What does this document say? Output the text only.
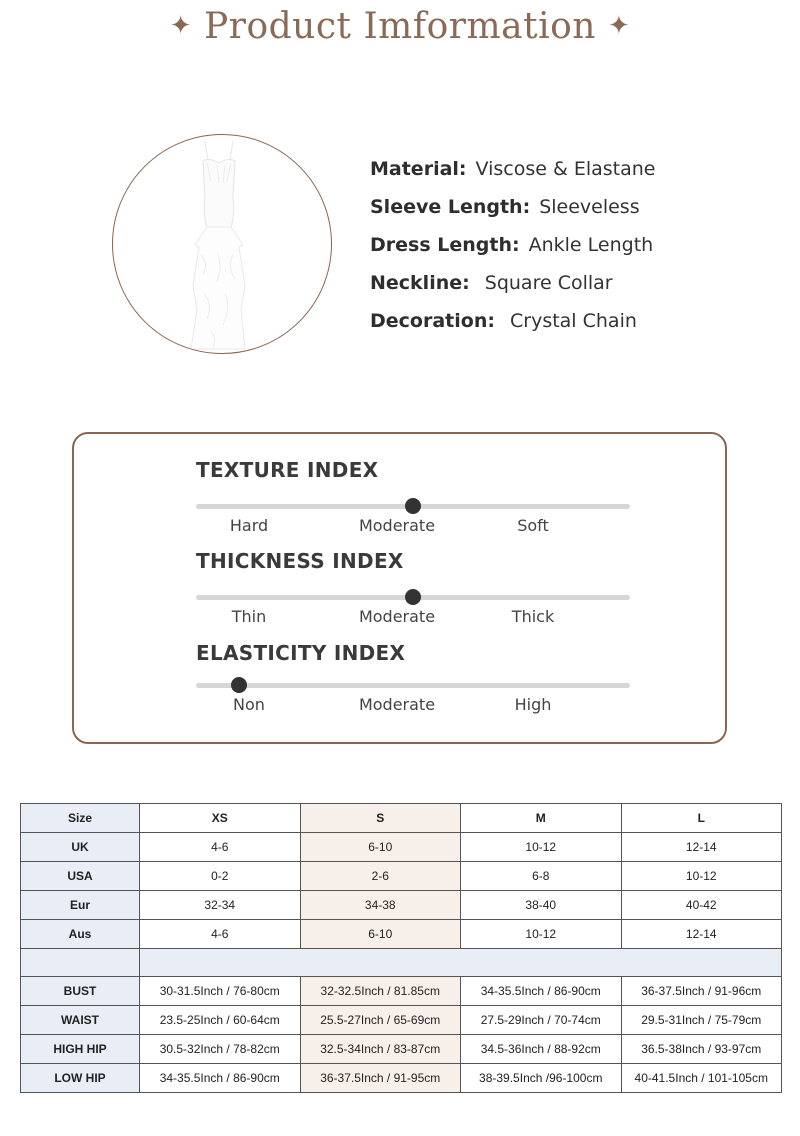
✦ Product Imformation ✦
Material: Viscose & Elastane
Sleeve Length: Sleeveless
Dress Length: Ankle Length
Neckline: Square Collar
Decoration: Crystal Chain
TEXTURE INDEX
Hard	Moderate	Soft
THICKNESS INDEX
Thin	Moderate	Thick
ELASTICITY INDEX
Non	Moderate	High
Size	XS	S	M	L
UK	4-6	6-10	10-12	12-14
USA	0-2	2-6	6-8	10-12
Eur	32-34	34-38	38-40	40-42
Aus	4-6	6-10	10-12	12-14

BUST	30-31.5Inch / 76-80cm	32-32.5Inch / 81.85cm	34-35.5Inch / 86-90cm	36-37.5Inch / 91-96cm
WAIST	23.5-25Inch / 60-64cm	25.5-27Inch / 65-69cm	27.5-29Inch / 70-74cm	29.5-31Inch / 75-79cm
HIGH HIP	30.5-32Inch / 78-82cm	32.5-34Inch / 83-87cm	34.5-36Inch / 88-92cm	36.5-38Inch / 93-97cm
LOW HIP	34-35.5Inch / 86-90cm	36-37.5Inch / 91-95cm	38-39.5Inch /96-100cm	40-41.5Inch / 101-105cm
